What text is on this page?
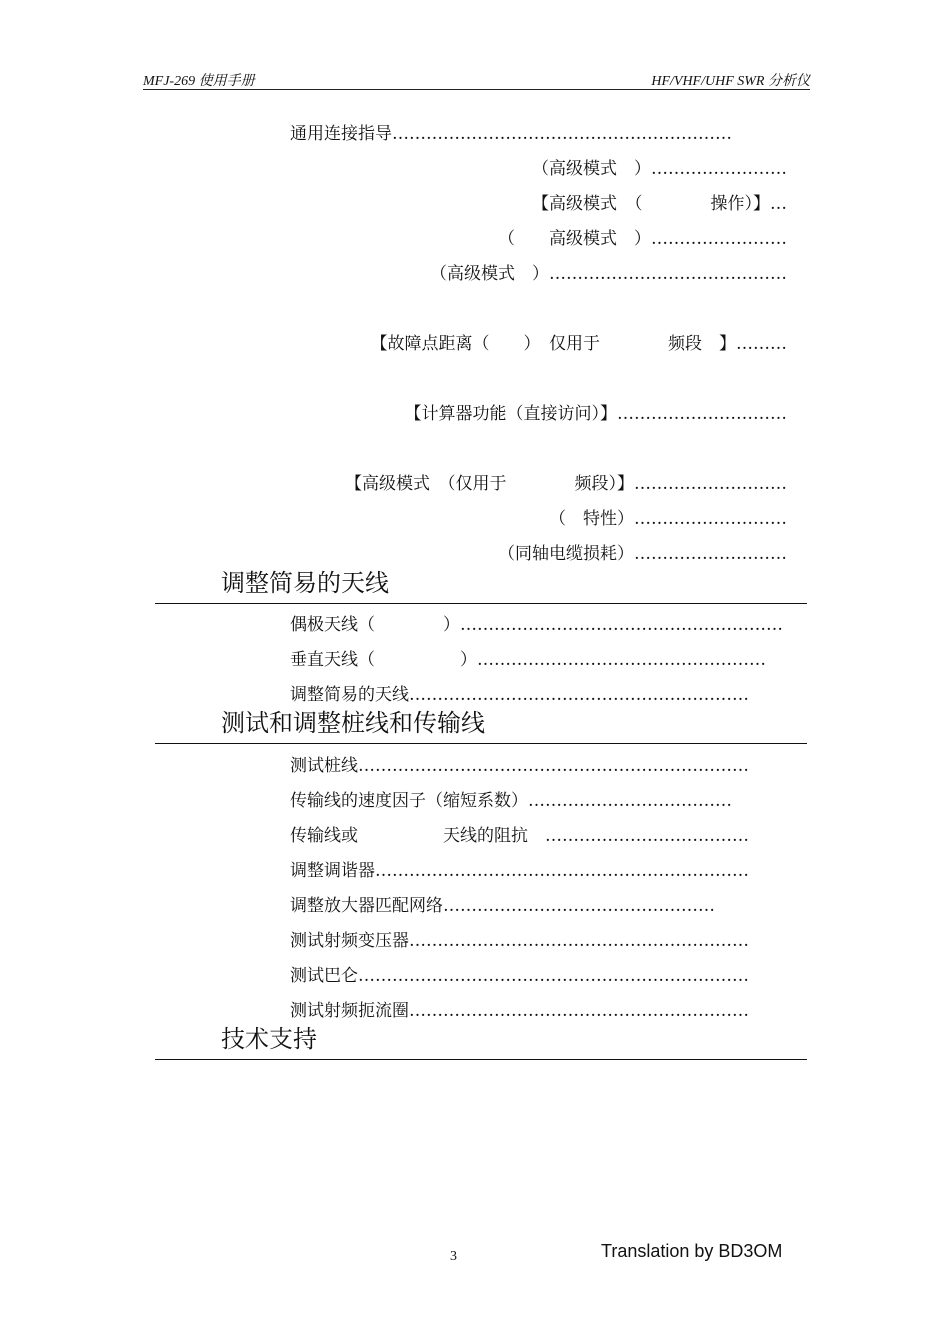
MFJ-269 使用手册	HF/VHF/UHF SWR 分析仪
通用连接指导……………………………………………………
（高级模式　）……………………
【高级模式　（　　　　操作）】…
（　　高级模式　）……………………
（高级模式　）……………………………………
【故障点距离（　　）　仅用于　　　　频段　】………
【计算器功能（直接访问）】…………………………
【高级模式　（仅用于　　　　频段）】………………………
（　特性）………………………
（同轴电缆损耗）………………………
调整简易的天线
偶极天线（　　　　）…………………………………………………
垂直天线（　　　　　）……………………………………………
调整简易的天线……………………………………………………
测试和调整桩线和传输线
测试桩线……………………………………………………………
传输线的速度因子（缩短系数）………………………………
传输线或　　　　　天线的阻抗　………………………………
调整调谐器…………………………………………………………
调整放大器匹配网络…………………………………………
测试射频变压器……………………………………………………
测试巴仑……………………………………………………………
测试射频扼流圈……………………………………………………
技术支持
3	Translation by BD3OM
